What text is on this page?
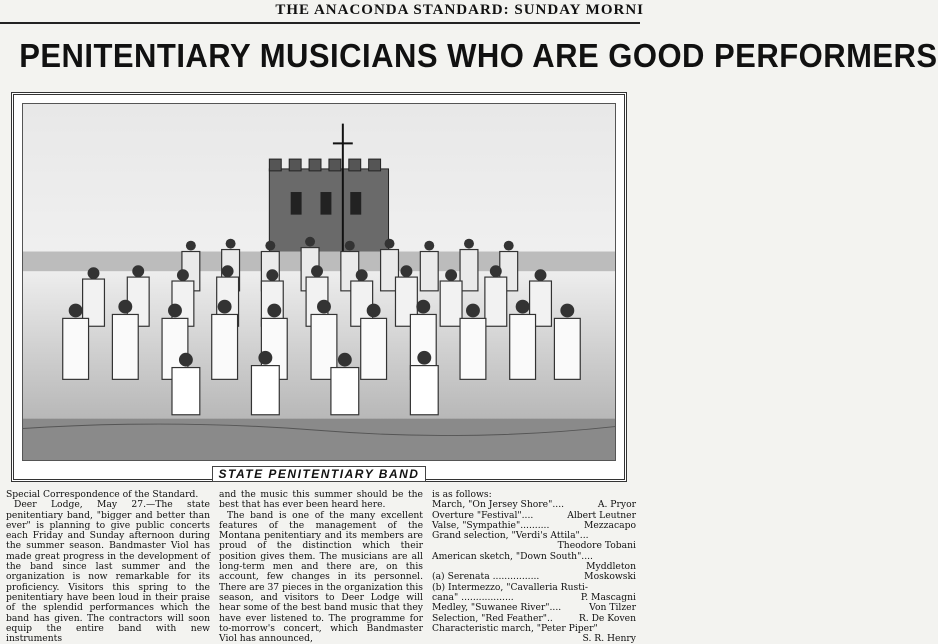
THE ANACONDA STANDARD: SUNDAY MORNI
PENITENTIARY MUSICIANS WHO ARE GOOD PERFORMERS
STATE PENITENTIARY BAND

Special Correspondence of the Standard.

Deer Lodge, May 27.—The state penitentiary band, "bigger and better than ever" is planning to give public concerts each Friday and Sunday afternoon during the summer season. Bandmaster Viol has made great progress in the development of the band since last summer and the organization is now remarkable for its proficiency. Visitors this spring to the penitentiary have been loud in their praise of the splendid performances which the band has given. The contractors will soon equip the entire band with new instruments

and the music this summer should be the best that has ever been heard here.

The band is one of the many excellent features of the management of the Montana penitentiary and its members are proud of the distinction which their position gives them. The musicians are all long-term men and there are, on this account, few changes in its personnel. There are 37 pieces in the organization this season, and visitors to Deer Lodge will hear some of the best band music that they have ever listened to. The programme for to-morrow's concert, which Bandmaster Viol has announced,

is as follows:

March, "On Jersey Shore"....	A. Pryor
Overture "Festival"....	Albert Leutner
Valse, "Sympathie"..........	Mezzacapo
Grand selection, "Verdi's Attila"...
Theodore Tobani
American sketch, "Down South"....
Myddleton
(a) Serenata ................	Moskowski
(b) Intermezzo, "Cavalleria Rusti-
cana" ..................	P. Mascagni
Medley, "Suwanee River"....	Von Tilzer
Selection, "Red Feather"..	R. De Koven
Characteristic march, "Peter Piper"
S. R. Henry
